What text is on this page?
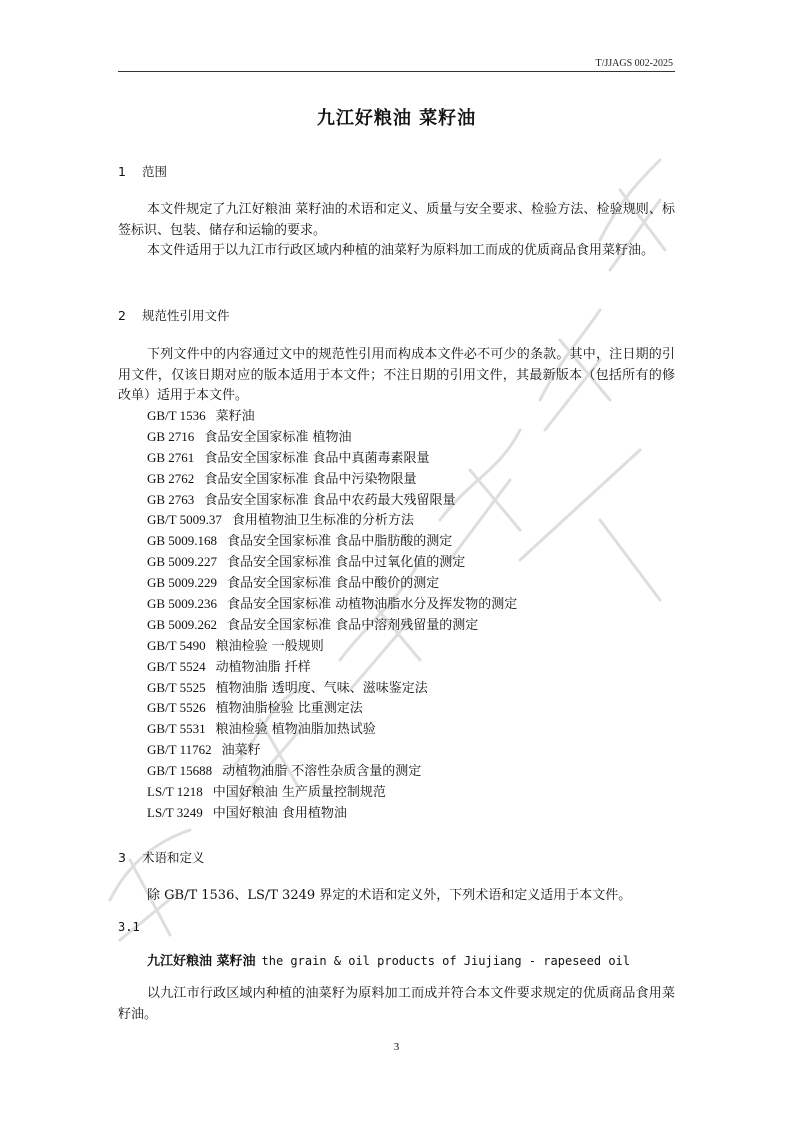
T/JJAGS 002-2025
九江好粮油 菜籽油
1 范围

本文件规定了九江好粮油 菜籽油的术语和定义、质量与安全要求、检验方法、检验规则、标签标识、包装、储存和运输的要求。

本文件适用于以九江市行政区域内种植的油菜籽为原料加工而成的优质商品食用菜籽油。

2 规范性引用文件

下列文件中的内容通过文中的规范性引用而构成本文件必不可少的条款。其中，注日期的引用文件，仅该日期对应的版本适用于本文件；不注日期的引用文件，其最新版本（包括所有的修改单）适用于本文件。

GB/T 1536 菜籽油
GB 2716 食品安全国家标准 植物油
GB 2761 食品安全国家标准 食品中真菌毒素限量
GB 2762 食品安全国家标准 食品中污染物限量
GB 2763 食品安全国家标准 食品中农药最大残留限量
GB/T 5009.37 食用植物油卫生标准的分析方法
GB 5009.168 食品安全国家标准 食品中脂肪酸的测定
GB 5009.227 食品安全国家标准 食品中过氧化值的测定
GB 5009.229 食品安全国家标准 食品中酸价的测定
GB 5009.236 食品安全国家标准 动植物油脂水分及挥发物的测定
GB 5009.262 食品安全国家标准 食品中溶剂残留量的测定
GB/T 5490 粮油检验 一般规则
GB/T 5524 动植物油脂 扦样
GB/T 5525 植物油脂 透明度、气味、滋味鉴定法
GB/T 5526 植物油脂检验 比重测定法
GB/T 5531 粮油检验 植物油脂加热试验
GB/T 11762 油菜籽
GB/T 15688 动植物油脂 不溶性杂质含量的测定
LS/T 1218 中国好粮油 生产质量控制规范
LS/T 3249 中国好粮油 食用植物油
3 术语和定义

除 GB/T 1536、LS/T 3249 界定的术语和定义外，下列术语和定义适用于本文件。

3.1
九江好粮油 菜籽油 the grain & oil products of Jiujiang - rapeseed oil

以九江市行政区域内种植的油菜籽为原料加工而成并符合本文件要求规定的优质商品食用菜籽油。

3
